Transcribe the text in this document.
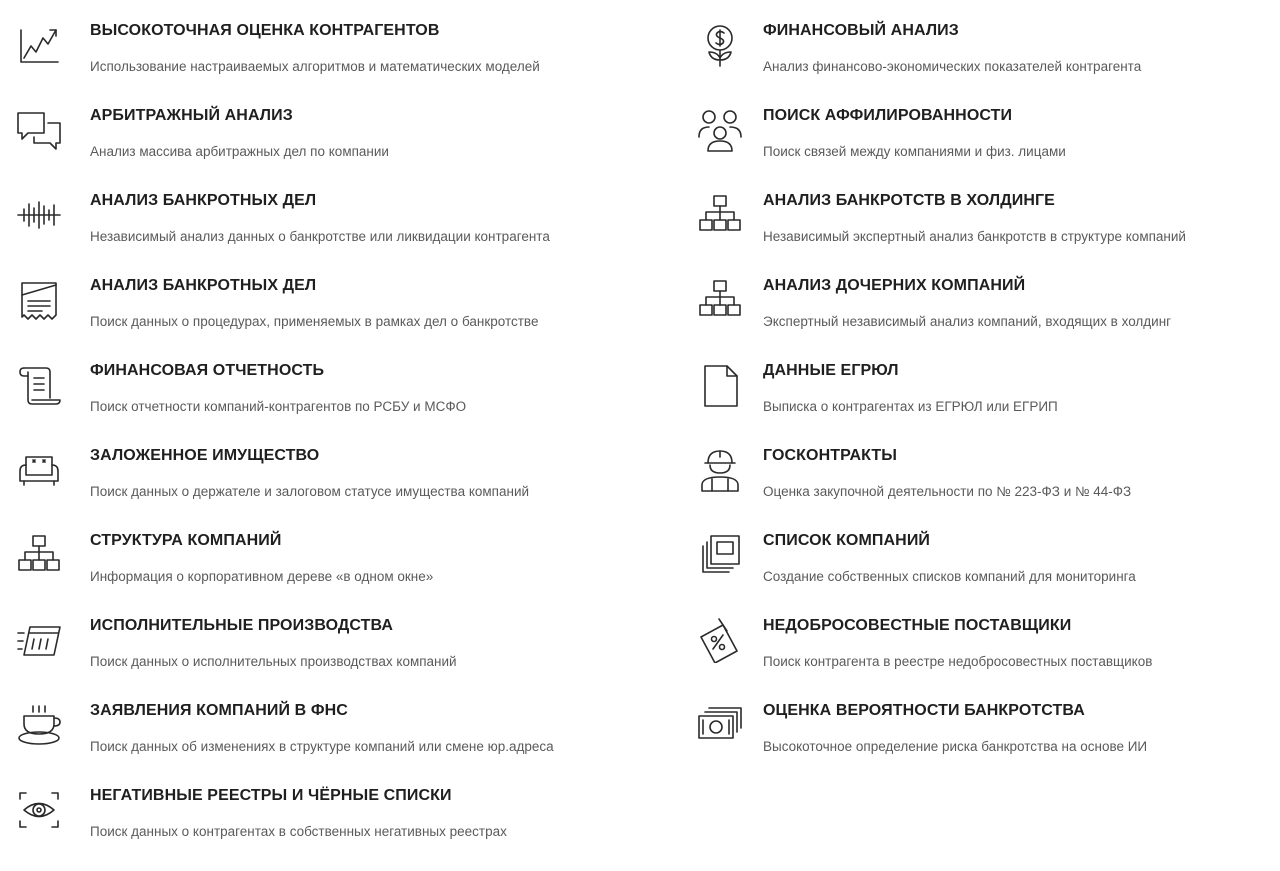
ВЫСОКОТОЧНАЯ ОЦЕНКА КОНТРАГЕНТОВ
Использование настраиваемых алгоритмов и математических моделей
АРБИТРАЖНЫЙ АНАЛИЗ
Анализ массива арбитражных дел по компании
АНАЛИЗ БАНКРОТНЫХ ДЕЛ
Независимый анализ данных о банкротстве или ликвидации контрагента
АНАЛИЗ БАНКРОТНЫХ ДЕЛ
Поиск данных о процедурах, применяемых в рамках дел о банкротстве
ФИНАНСОВАЯ ОТЧЕТНОСТЬ
Поиск отчетности компаний-контрагентов по РСБУ и МСФО
ЗАЛОЖЕННОЕ ИМУЩЕСТВО
Поиск данных о держателе и залоговом статусе имущества компаний
СТРУКТУРА КОМПАНИЙ
Информация о корпоративном дереве «в одном окне»
ИСПОЛНИТЕЛЬНЫЕ ПРОИЗВОДСТВА
Поиск данных о исполнительных производствах компаний
ЗАЯВЛЕНИЯ КОМПАНИЙ В ФНС
Поиск данных об изменениях в структуре компаний или смене юр.адреса
НЕГАТИВНЫЕ РЕЕСТРЫ И ЧЁРНЫЕ СПИСКИ
Поиск данных о контрагентах в собственных негативных реестрах
ФИНАНСОВЫЙ АНАЛИЗ
Анализ финансово-экономических показателей контрагента
ПОИСК АФФИЛИРОВАННОСТИ
Поиск связей между компаниями и физ. лицами
АНАЛИЗ БАНКРОТСТВ В ХОЛДИНГЕ
Независимый экспертный анализ банкротств в структуре компаний
АНАЛИЗ ДОЧЕРНИХ КОМПАНИЙ
Экспертный независимый анализ компаний, входящих в холдинг
ДАННЫЕ ЕГРЮЛ
Выписка о контрагентах из ЕГРЮЛ или ЕГРИП
ГОСКОНТРАКТЫ
Оценка закупочной деятельности по № 223-ФЗ и № 44-ФЗ
СПИСОК КОМПАНИЙ
Создание собственных списков компаний для мониторинга
НЕДОБРОСОВЕСТНЫЕ ПОСТАВЩИКИ
Поиск контрагента в реестре недобросовестных поставщиков
ОЦЕНКА ВЕРОЯТНОСТИ БАНКРОТСТВА
Высокоточное определение риска банкротства на основе ИИ
